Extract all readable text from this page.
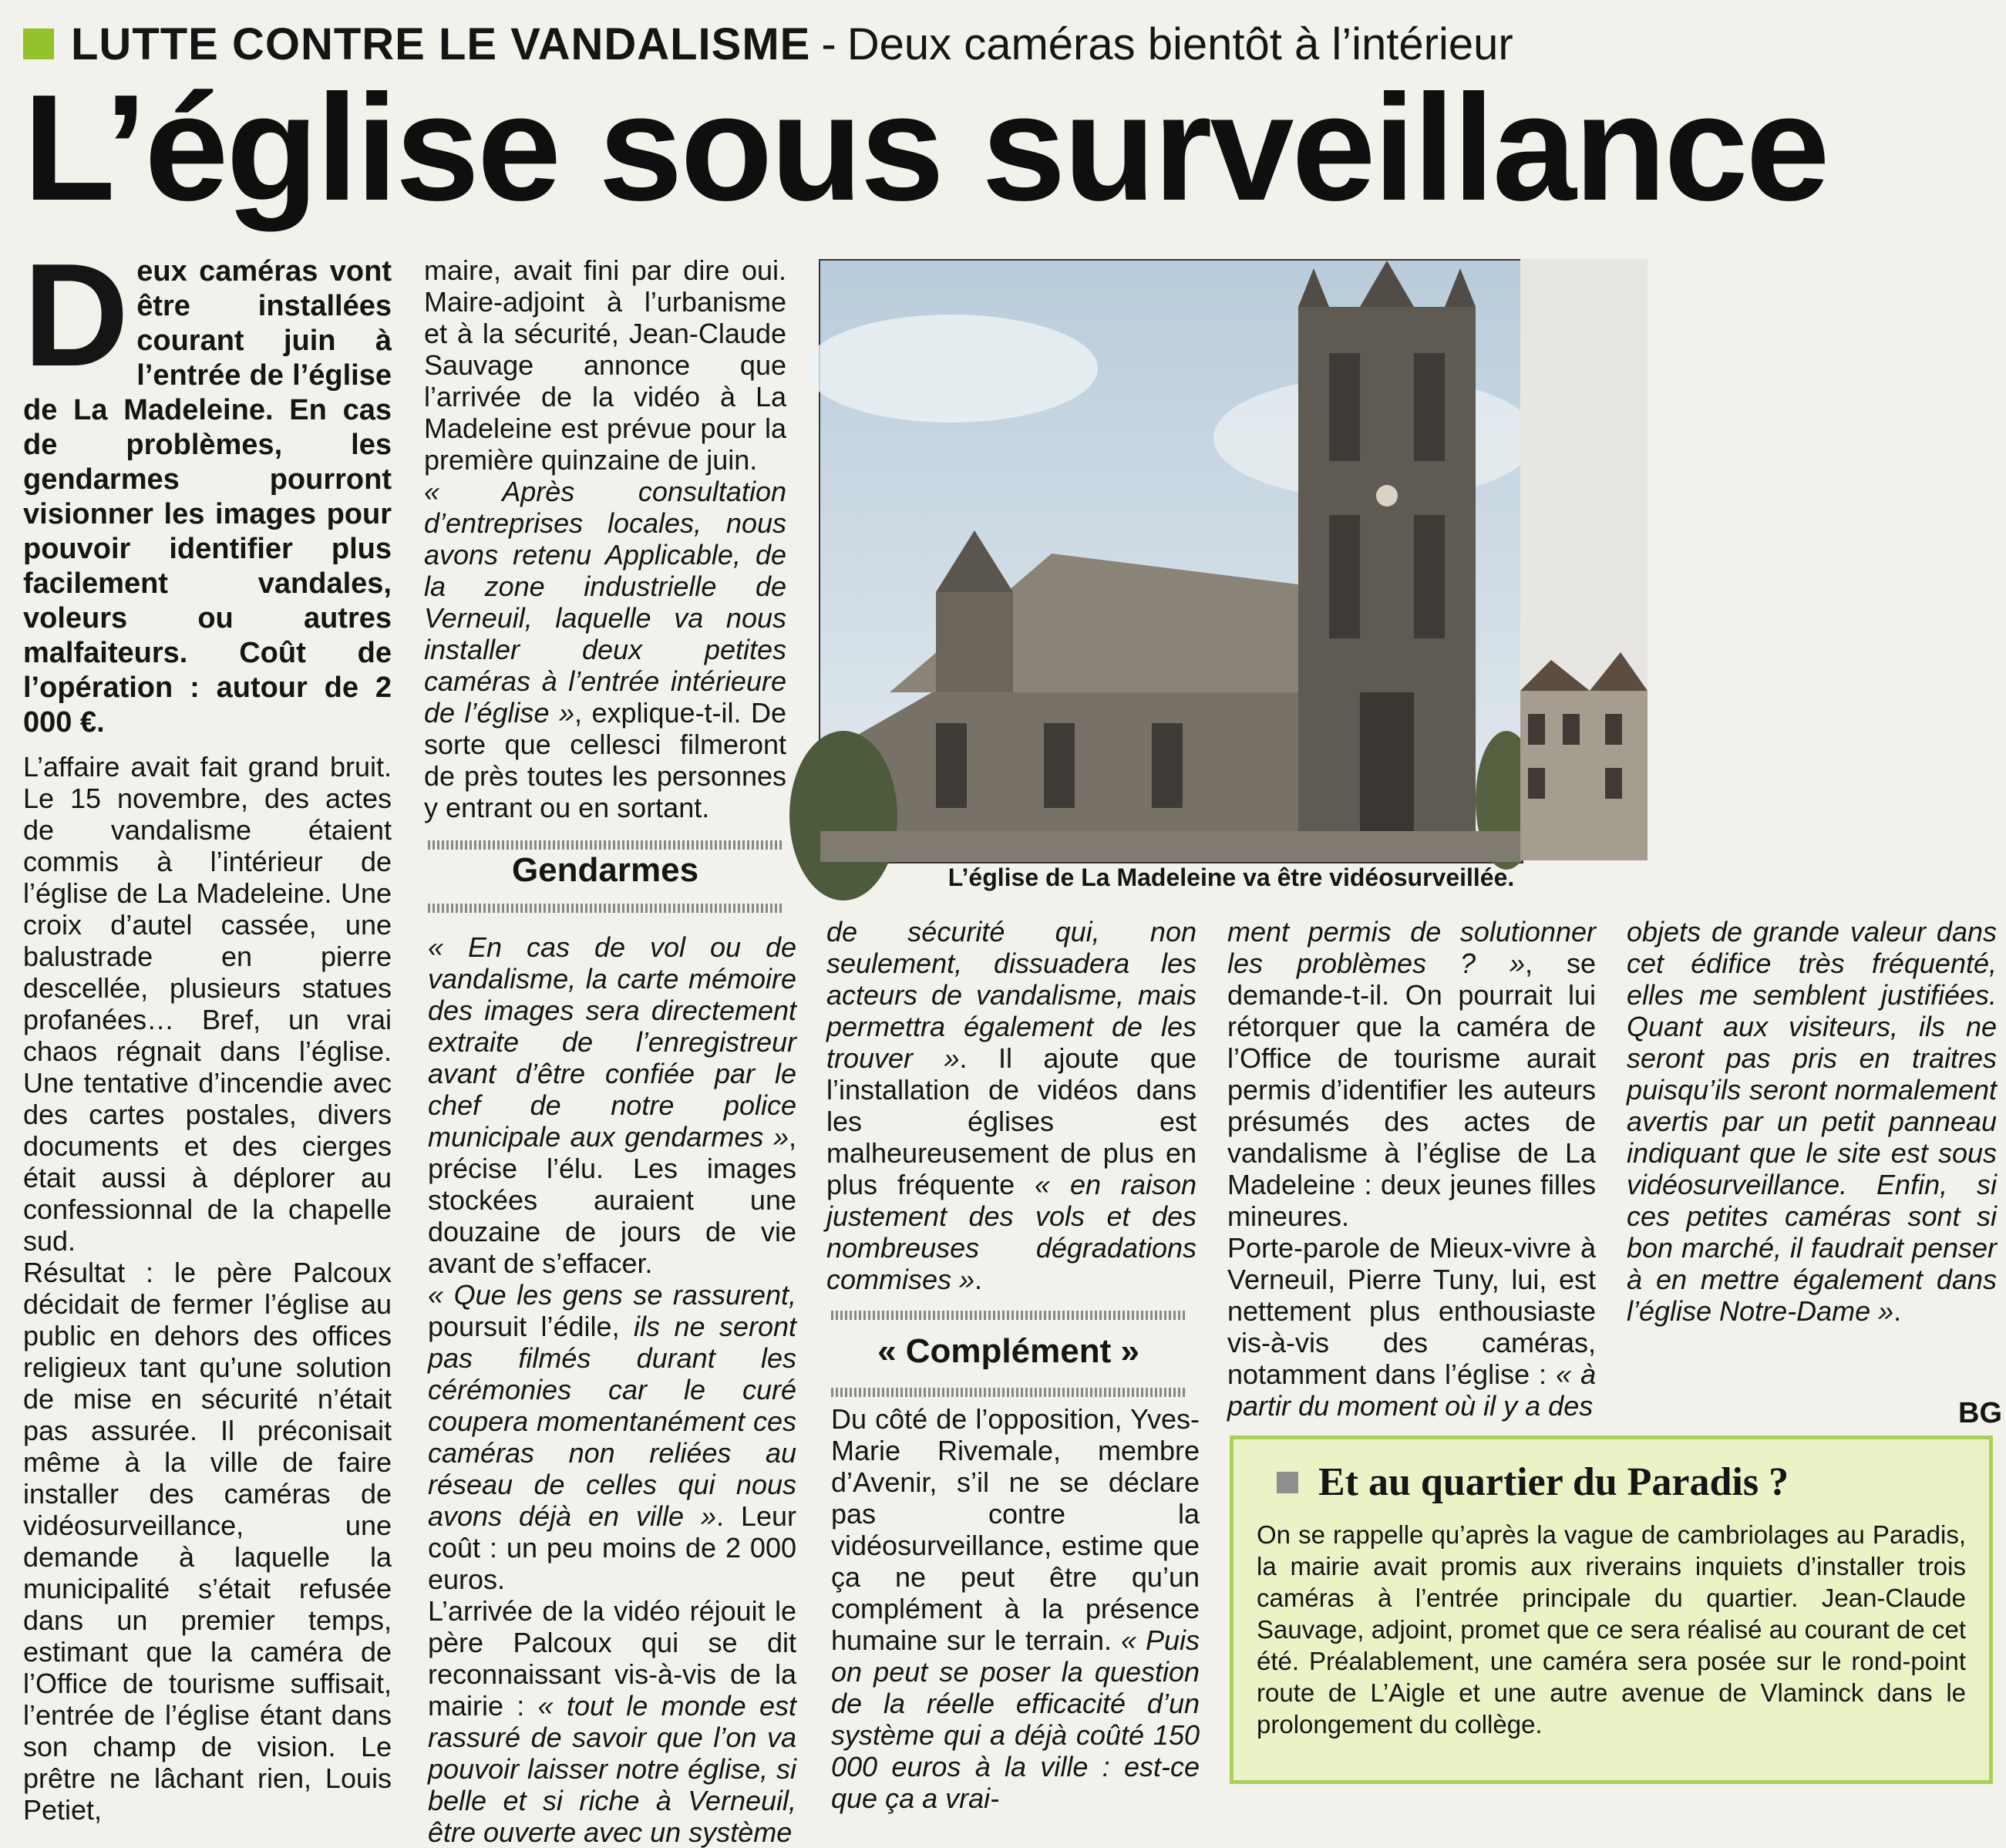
LUTTE CONTRE LE VANDALISME - Deux caméras bientôt à l’intérieur
L’église sous surveillance

Deux caméras vont être installées courant juin à l’entrée de l’église de La Madeleine. En cas de problèmes, les gendarmes pourront visionner les images pour pouvoir identifier plus facilement vandales, voleurs ou autres malfaiteurs. Coût de l’opération : autour de 2 000 €.

L’affaire avait fait grand bruit. Le 15 novembre, des actes de vandalisme étaient commis à l’intérieur de l’église de La Madeleine. Une croix d’autel cassée, une balustrade en pierre descellée, plusieurs statues profanées… Bref, un vrai chaos régnait dans l’église. Une tentative d’incendie avec des cartes postales, divers documents et des cierges était aussi à déplorer au confessionnal de la chapelle sud.

Résultat : le père Palcoux décidait de fermer l’église au public en dehors des offices religieux tant qu’une solution de mise en sécurité n’était pas assurée. Il préconisait même à la ville de faire installer des caméras de vidéosurveillance, une demande à laquelle la municipalité s’était refusée dans un premier temps, estimant que la caméra de l’Office de tourisme suffisait, l’entrée de l’église étant dans son champ de vision. Le prêtre ne lâchant rien, Louis Petiet,

maire, avait fini par dire oui. Maire-adjoint à l’urbanisme et à la sécurité, Jean-Claude Sauvage annonce que l’arrivée de la vidéo à La Madeleine est prévue pour la première quinzaine de juin.

« Après consultation d’entreprises locales, nous avons retenu Applicable, de la zone industrielle de Verneuil, laquelle va nous installer deux petites caméras à l’entrée intérieure de l’église », explique-t-il. De sorte que cellesci filmeront de près toutes les personnes y entrant ou en sortant.

Gendarmes

« En cas de vol ou de vandalisme, la carte mémoire des images sera directement extraite de l’enregistreur avant d’être confiée par le chef de notre police municipale aux gendarmes », précise l’élu. Les images stockées auraient une douzaine de jours de vie avant de s’effacer.

« Que les gens se rassurent, poursuit l’édile, ils ne seront pas filmés durant les cérémonies car le curé coupera momentanément ces caméras non reliées au réseau de celles qui nous avons déjà en ville ». Leur coût : un peu moins de 2 000 euros.

L’arrivée de la vidéo réjouit le père Palcoux qui se dit reconnaissant vis-à-vis de la mairie : « tout le monde est rassuré de savoir que l’on va pouvoir laisser notre église, si belle et si riche à Verneuil, être ouverte avec un système

L’église de La Madeleine va être vidéosurveillée.

de sécurité qui, non seulement, dissuadera les acteurs de vandalisme, mais permettra également de les trouver ». Il ajoute que l’installation de vidéos dans les églises est malheureusement de plus en plus fréquente « en raison justement des vols et des nombreuses dégradations commises ».

« Complément »

Du côté de l’opposition, Yves-Marie Rivemale, membre d’Avenir, s’il ne se déclare pas contre la vidéosurveillance, estime que ça ne peut être qu’un complément à la présence humaine sur le terrain. « Puis on peut se poser la question de la réelle efficacité d’un système qui a déjà coûté 150 000 euros à la ville : est-ce que ça a vrai-

ment permis de solutionner les problèmes ? », se demande-t-il. On pourrait lui rétorquer que la caméra de l’Office de tourisme aurait permis d’identifier les auteurs présumés des actes de vandalisme à l’église de La Madeleine : deux jeunes filles mineures.

Porte-parole de Mieux-vivre à Verneuil, Pierre Tuny, lui, est nettement plus enthousiaste vis-à-vis des caméras, notamment dans l’église : « à partir du moment où il y a des

objets de grande valeur dans cet édifice très fréquenté, elles me semblent justifiées. Quant aux visiteurs, ils ne seront pas pris en traitres puisqu’ils seront normalement avertis par un petit panneau indiquant que le site est sous vidéosurveillance. Enfin, si ces petites caméras sont si bon marché, il faudrait penser à en mettre également dans l’église Notre-Dame ».

BG
Et au quartier du Paradis ?
On se rappelle qu’après la vague de cambriolages au Paradis, la mairie avait promis aux riverains inquiets d’installer trois caméras à l’entrée principale du quartier. Jean-Claude Sauvage, adjoint, promet que ce sera réalisé au courant de cet été. Préalablement, une caméra sera posée sur le rond-point route de L’Aigle et une autre avenue de Vlaminck dans le prolongement du collège.
